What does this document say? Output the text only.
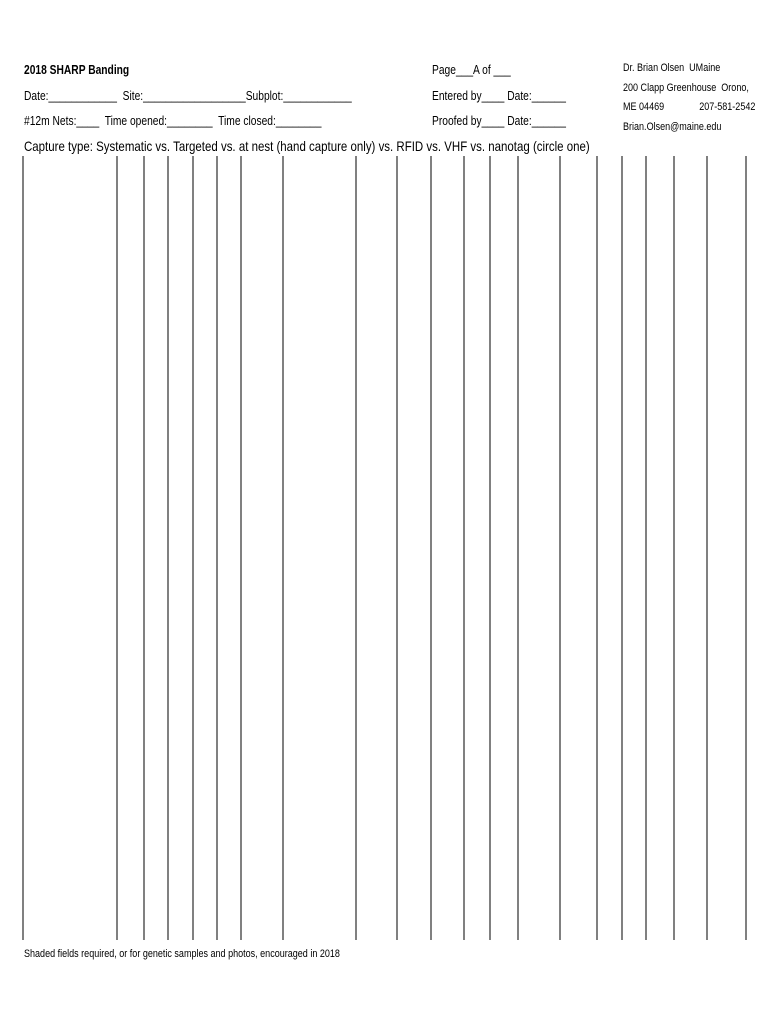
2018 SHARP Banding
Date:____________  Site:__________________Subplot:____________
#12m Nets:____  Time opened:________  Time closed:________
Page___A of ___
Entered by____ Date:______
Proofed by____ Date:______
Dr. Brian Olsen  UMaine
200 Clapp Greenhouse  Orono,
ME 04469              207-581-2542
Brian.Olsen@maine.edu
Capture type: Systematic vs. Targeted vs. at nest (hand capture only) vs. RFID vs. VHF vs. nanotag (circle one)
Shaded fields required, or for genetic samples and photos, encouraged in 2018
